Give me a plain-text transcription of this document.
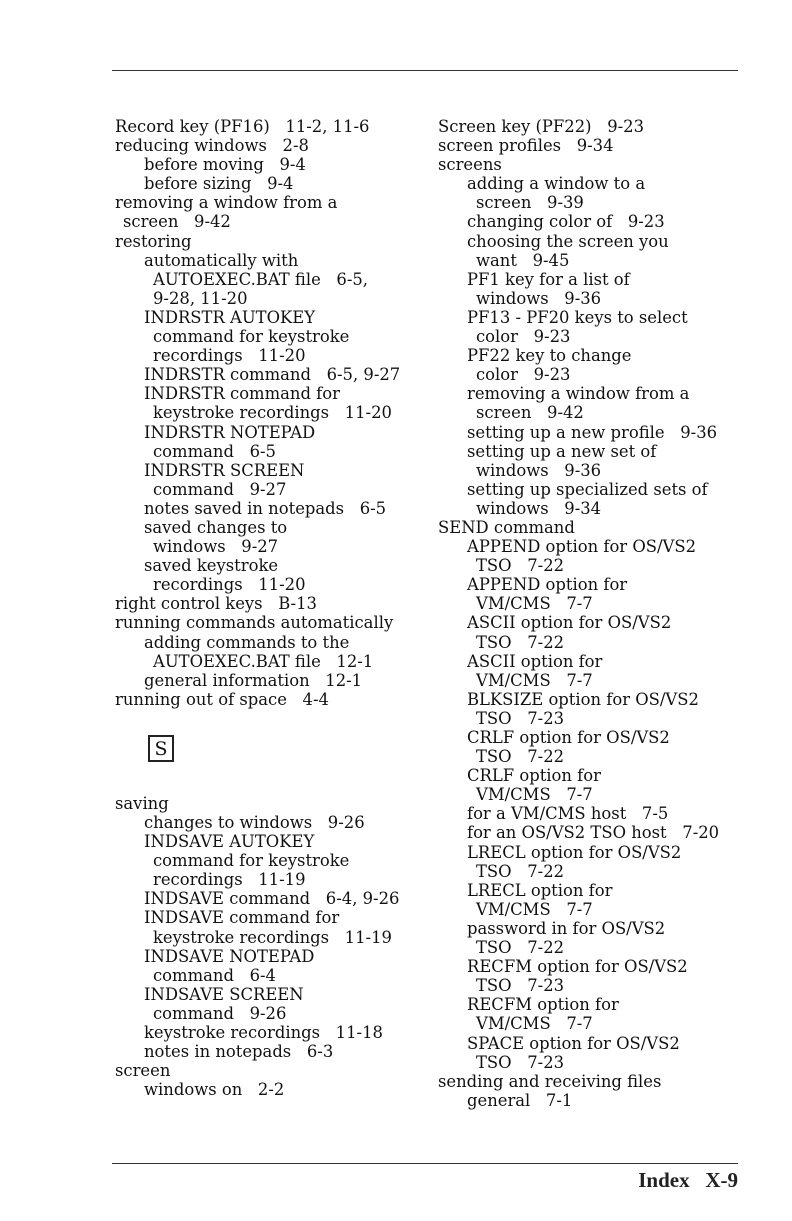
Record key (PF16)   11-2, 11-6
reducing windows   2-8
before moving   9-4
before sizing   9-4
removing a window from a
screen   9-42
restoring
automatically with
AUTOEXEC.BAT file   6-5,
9-28, 11-20
INDRSTR AUTOKEY
command for keystroke
recordings   11-20
INDRSTR command   6-5, 9-27
INDRSTR command for
keystroke recordings   11-20
INDRSTR NOTEPAD
command   6-5
INDRSTR SCREEN
command   9-27
notes saved in notepads   6-5
saved changes to
windows   9-27
saved keystroke
recordings   11-20
right control keys   B-13
running commands automatically
adding commands to the
AUTOEXEC.BAT file   12-1
general information   12-1
running out of space   4-4
S
saving
changes to windows   9-26
INDSAVE AUTOKEY
command for keystroke
recordings   11-19
INDSAVE command   6-4, 9-26
INDSAVE command for
keystroke recordings   11-19
INDSAVE NOTEPAD
command   6-4
INDSAVE SCREEN
command   9-26
keystroke recordings   11-18
notes in notepads   6-3
screen
windows on   2-2
Screen key (PF22)   9-23
screen profiles   9-34
screens
adding a window to a
screen   9-39
changing color of   9-23
choosing the screen you
want   9-45
PF1 key for a list of
windows   9-36
PF13 - PF20 keys to select
color   9-23
PF22 key to change
color   9-23
removing a window from a
screen   9-42
setting up a new profile   9-36
setting up a new set of
windows   9-36
setting up specialized sets of
windows   9-34
SEND command
APPEND option for OS/VS2
TSO   7-22
APPEND option for
VM/CMS   7-7
ASCII option for OS/VS2
TSO   7-22
ASCII option for
VM/CMS   7-7
BLKSIZE option for OS/VS2
TSO   7-23
CRLF option for OS/VS2
TSO   7-22
CRLF option for
VM/CMS   7-7
for a VM/CMS host   7-5
for an OS/VS2 TSO host   7-20
LRECL option for OS/VS2
TSO   7-22
LRECL option for
VM/CMS   7-7
password in for OS/VS2
TSO   7-22
RECFM option for OS/VS2
TSO   7-23
RECFM option for
VM/CMS   7-7
SPACE option for OS/VS2
TSO   7-23
sending and receiving files
general   7-1
Index X-9
